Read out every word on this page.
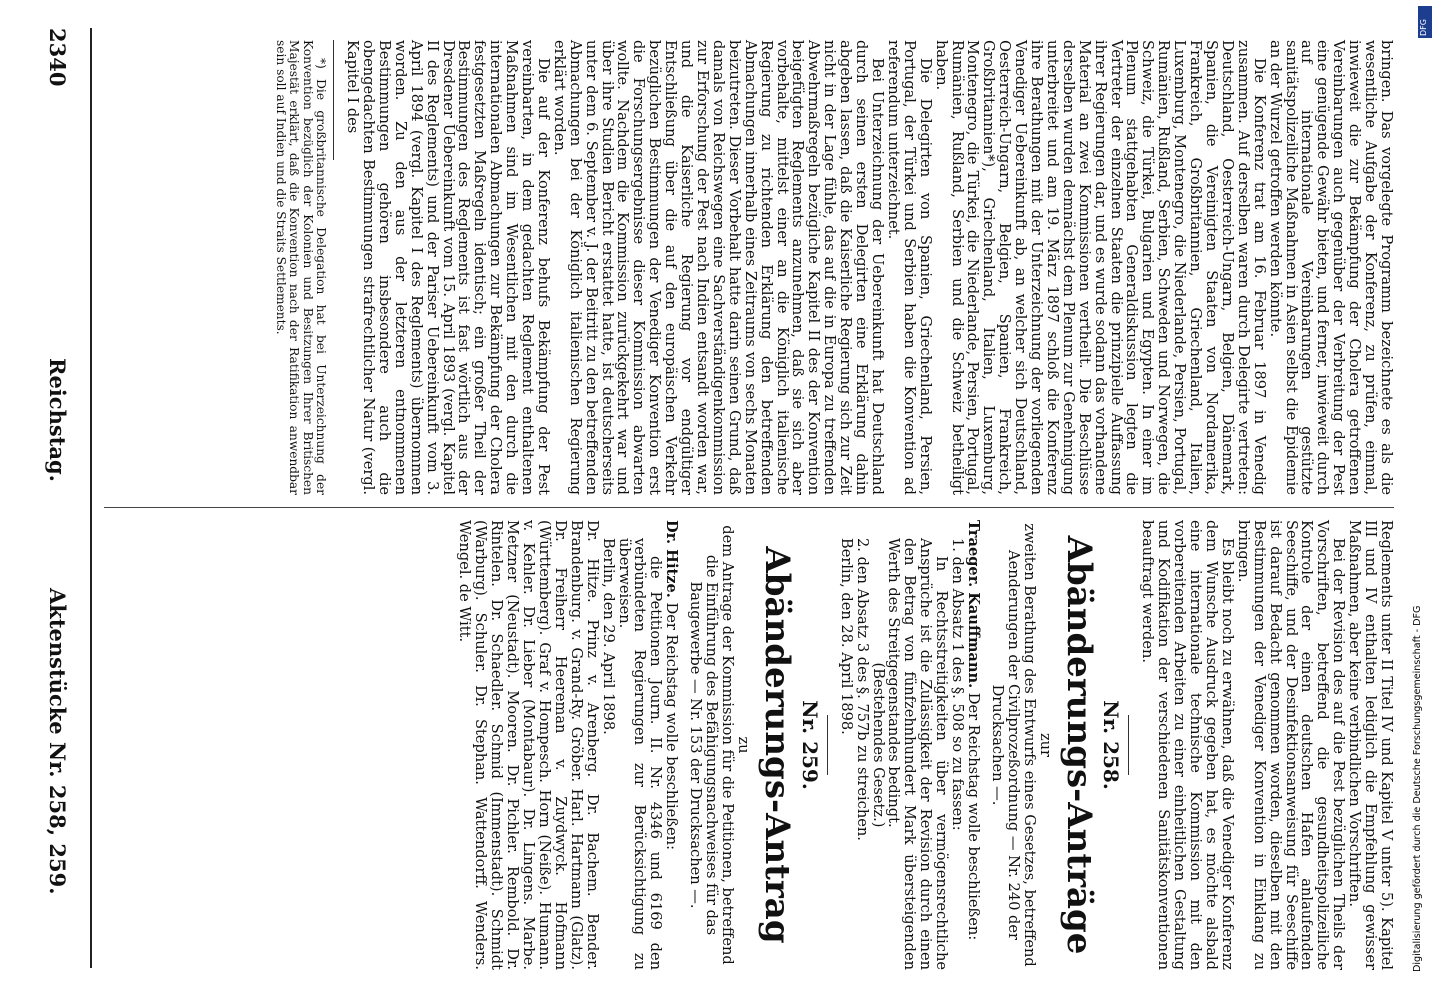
2340
Reichstag.
Aktenstücke Nr. 258, 259.

bringen. Das vorgelegte Programm bezeichnete es als die wesentliche Aufgabe der Konferenz, zu prüfen, einmal, inwieweit die zur Bekämpfung der Cholera getroffenen Vereinbarungen auch gegenüber der Verbreitung der Pest eine genügende Gewähr bieten, und ferner, inwieweit durch auf internationale Vereinbarungen gestützte sanitätspolizeiliche Maßnahmen in Asien selbst die Epidemie an der Wurzel getroffen werden könnte.

Die Konferenz trat am 16. Februar 1897 in Venedig zusammen. Auf derselben waren durch Delegirte vertreten: Deutschland, Oesterreich-Ungarn, Belgien, Dänemark, Spanien, die Vereinigten Staaten von Nordamerika, Frankreich, Großbritannien, Griechenland, Italien, Luxemburg, Montenegro, die Niederlande, Persien, Portugal, Rumänien, Rußland, Serbien, Schweden und Norwegen, die Schweiz, die Türkei, Bulgarien und Egypten. In einer im Plenum stattgehabten Generaldiskussion legten die Vertreter der einzelnen Staaten die prinzipielle Auffassung ihrer Regierungen dar, und es wurde sodann das vorhandene Material an zwei Kommissionen vertheilt. Die Beschlüsse derselben wurden demnächst dem Plenum zur Genehmigung unterbreitet und am 19. März 1897 schloß die Konferenz ihre Berathungen mit der Unterzeichnung der vorliegenden Venediger Uebereinkunft ab, an welcher sich Deutschland, Oesterreich-Ungarn, Belgien, Spanien, Frankreich, Großbritannien*), Griechenland, Italien, Luxemburg, Montenegro, die Türkei, die Niederlande, Persien, Portugal, Rumänien, Rußland, Serbien und die Schweiz betheiligt haben.

Die Delegirten von Spanien, Griechenland, Persien, Portugal, der Türkei und Serbien haben die Konvention ad referendum unterzeichnet.

Bei Unterzeichnung der Uebereinkunft hat Deutschland durch seinen ersten Delegirten eine Erklärung dahin abgeben lassen, daß die Kaiserliche Regierung sich zur Zeit nicht in der Lage fühle, das auf die in Europa zu treffenden Abwehrmaßregeln bezügliche Kapitel II des der Konvention beigefügten Reglements anzunehmen, daß sie sich aber vorbehalte, mittelst einer an die Königlich italienische Regierung zu richtenden Erklärung den betreffenden Abmachungen innerhalb eines Zeitraums von sechs Monaten beizutreten. Dieser Vorbehalt hatte darin seinen Grund, daß damals von Reichswegen eine Sachverständigenkommission zur Erforschung der Pest nach Indien entsandt worden war, und die Kaiserliche Regierung vor endgültiger Entschließung über die auf den europäischen Verkehr bezüglichen Bestimmungen der Venediger Konvention erst die Forschungsergebnisse dieser Kommission abwarten wollte. Nachdem die Kommission zurückgekehrt war und über ihre Studien Bericht erstattet hatte, ist deutscherseits unter dem 6. September v. J. der Beitritt zu den betreffenden Abmachungen bei der Königlich italienischen Regierung erklärt worden.

Die auf der Konferenz behufs Bekämpfung der Pest vereinbarten, in dem gedachten Reglement enthaltenen Maßnahmen sind im Wesentlichen mit den durch die internationalen Abmachungen zur Bekämpfung der Cholera festgesetzten Maßregeln identisch; ein großer Theil der Bestimmungen des Reglements ist fast wörtlich aus der Dresdener Uebereinkunft vom 15. April 1893 (vergl. Kapitel II des Reglements) und der Pariser Uebereinkunft vom 3. April 1894 (vergl. Kapitel I des Reglements) übernommen worden. Zu den aus der letzteren entnommenen Bestimmungen gehören insbesondere auch die obengedachten Bestimmungen strafrechtlicher Natur (vergl. Kapitel I des

*) Die großbritannische Delegation hat bei Unterzeichnung der Konvention bezüglich der Kolonien und Besitzungen Ihrer Britischen Majestät erklärt, daß die Konvention nach der Ratifikation anwendbar sein soll auf Indien und die Straits Settlements.

Reglements unter II Titel IV und Kapitel V unter 5). Kapitel III und IV enthalten lediglich die Empfehlung gewisser Maßnahmen, aber keine verbindlichen Vorschriften.

Bei der Revision des auf die Pest bezüglichen Theils der Vorschriften, betreffend die gesundheitspolizeiliche Kontrole der einen deutschen Hafen anlaufenden Seeschiffe, und der Desinfektionsanweisung für Seeschiffe ist darauf Bedacht genommen worden, dieselben mit den Bestimmungen der Venediger Konvention in Einklang zu bringen.

Es bleibt noch zu erwähnen, daß die Venediger Konferenz dem Wunsche Ausdruck gegeben hat, es möchte alsbald eine internationale technische Kommission mit den vorbereitenden Arbeiten zu einer einheitlichen Gestaltung und Kodifikation der verschiedenen Sanitätskonventionen beauftragt werden.

Nr. 258.
Abänderungs-Anträge

zur

zweiten Berathung des Entwurfs eines Gesetzes, betreffend Aenderungen der Civilprozeßordnung — Nr. 240 der Drucksachen —.

Traeger. Kauffmann. Der Reichstag wolle beschließen:

1. den Absatz 1 des §. 508 so zu fassen:

In Rechtsstreitigkeiten über vermögensrechtliche Ansprüche ist die Zulässigkeit der Revision durch einen den Betrag von fünfzehnhundert Mark übersteigenden Werth des Streitgegenstandes bedingt.

(Bestehendes Gesetz.)

2. den Absatz 3 des §. 757b zu streichen.

Berlin, den 28. April 1898.

Nr. 259.
Abänderungs-Antrag

zu

dem Antrage der Kommission für die Petitionen, betreffend die Einführung des Befähigungsnachweises für das Baugewerbe — Nr. 153 der Drucksachen —.

Dr. Hitze. Der Reichstag wolle beschließen:

die Petitionen Journ. II. Nr. 4346 und 6169 den verbündeten Regierungen zur Berücksichtigung zu überweisen.

Berlin, den 29. April 1898.

Dr. Hitze. Prinz v. Arenberg. Dr. Bachem. Bender. Brandenburg. v. Grand-Ry. Gröber. Harl. Hartmann (Glatz). Dr. Freiherr Heereman v. Zuydwyck. Hofmann (Württemberg). Graf v. Hompesch. Horn (Neiße). Humann. v. Kehler. Dr. Lieber (Montabaur). Dr. Lingens. Marbe. Metzner (Neustadt). Mooren. Dr. Pichler. Rembold. Dr. Rintelen. Dr. Schaedler. Schmid (Immenstadt). Schmidt (Warburg). Schuler. Dr. Stephan. Wattendorff. Wenders. Wengel. de Witt.

Digitalisierung gefördert durch die Deutsche Forschungsgemeinschaft - DFG
DFG
